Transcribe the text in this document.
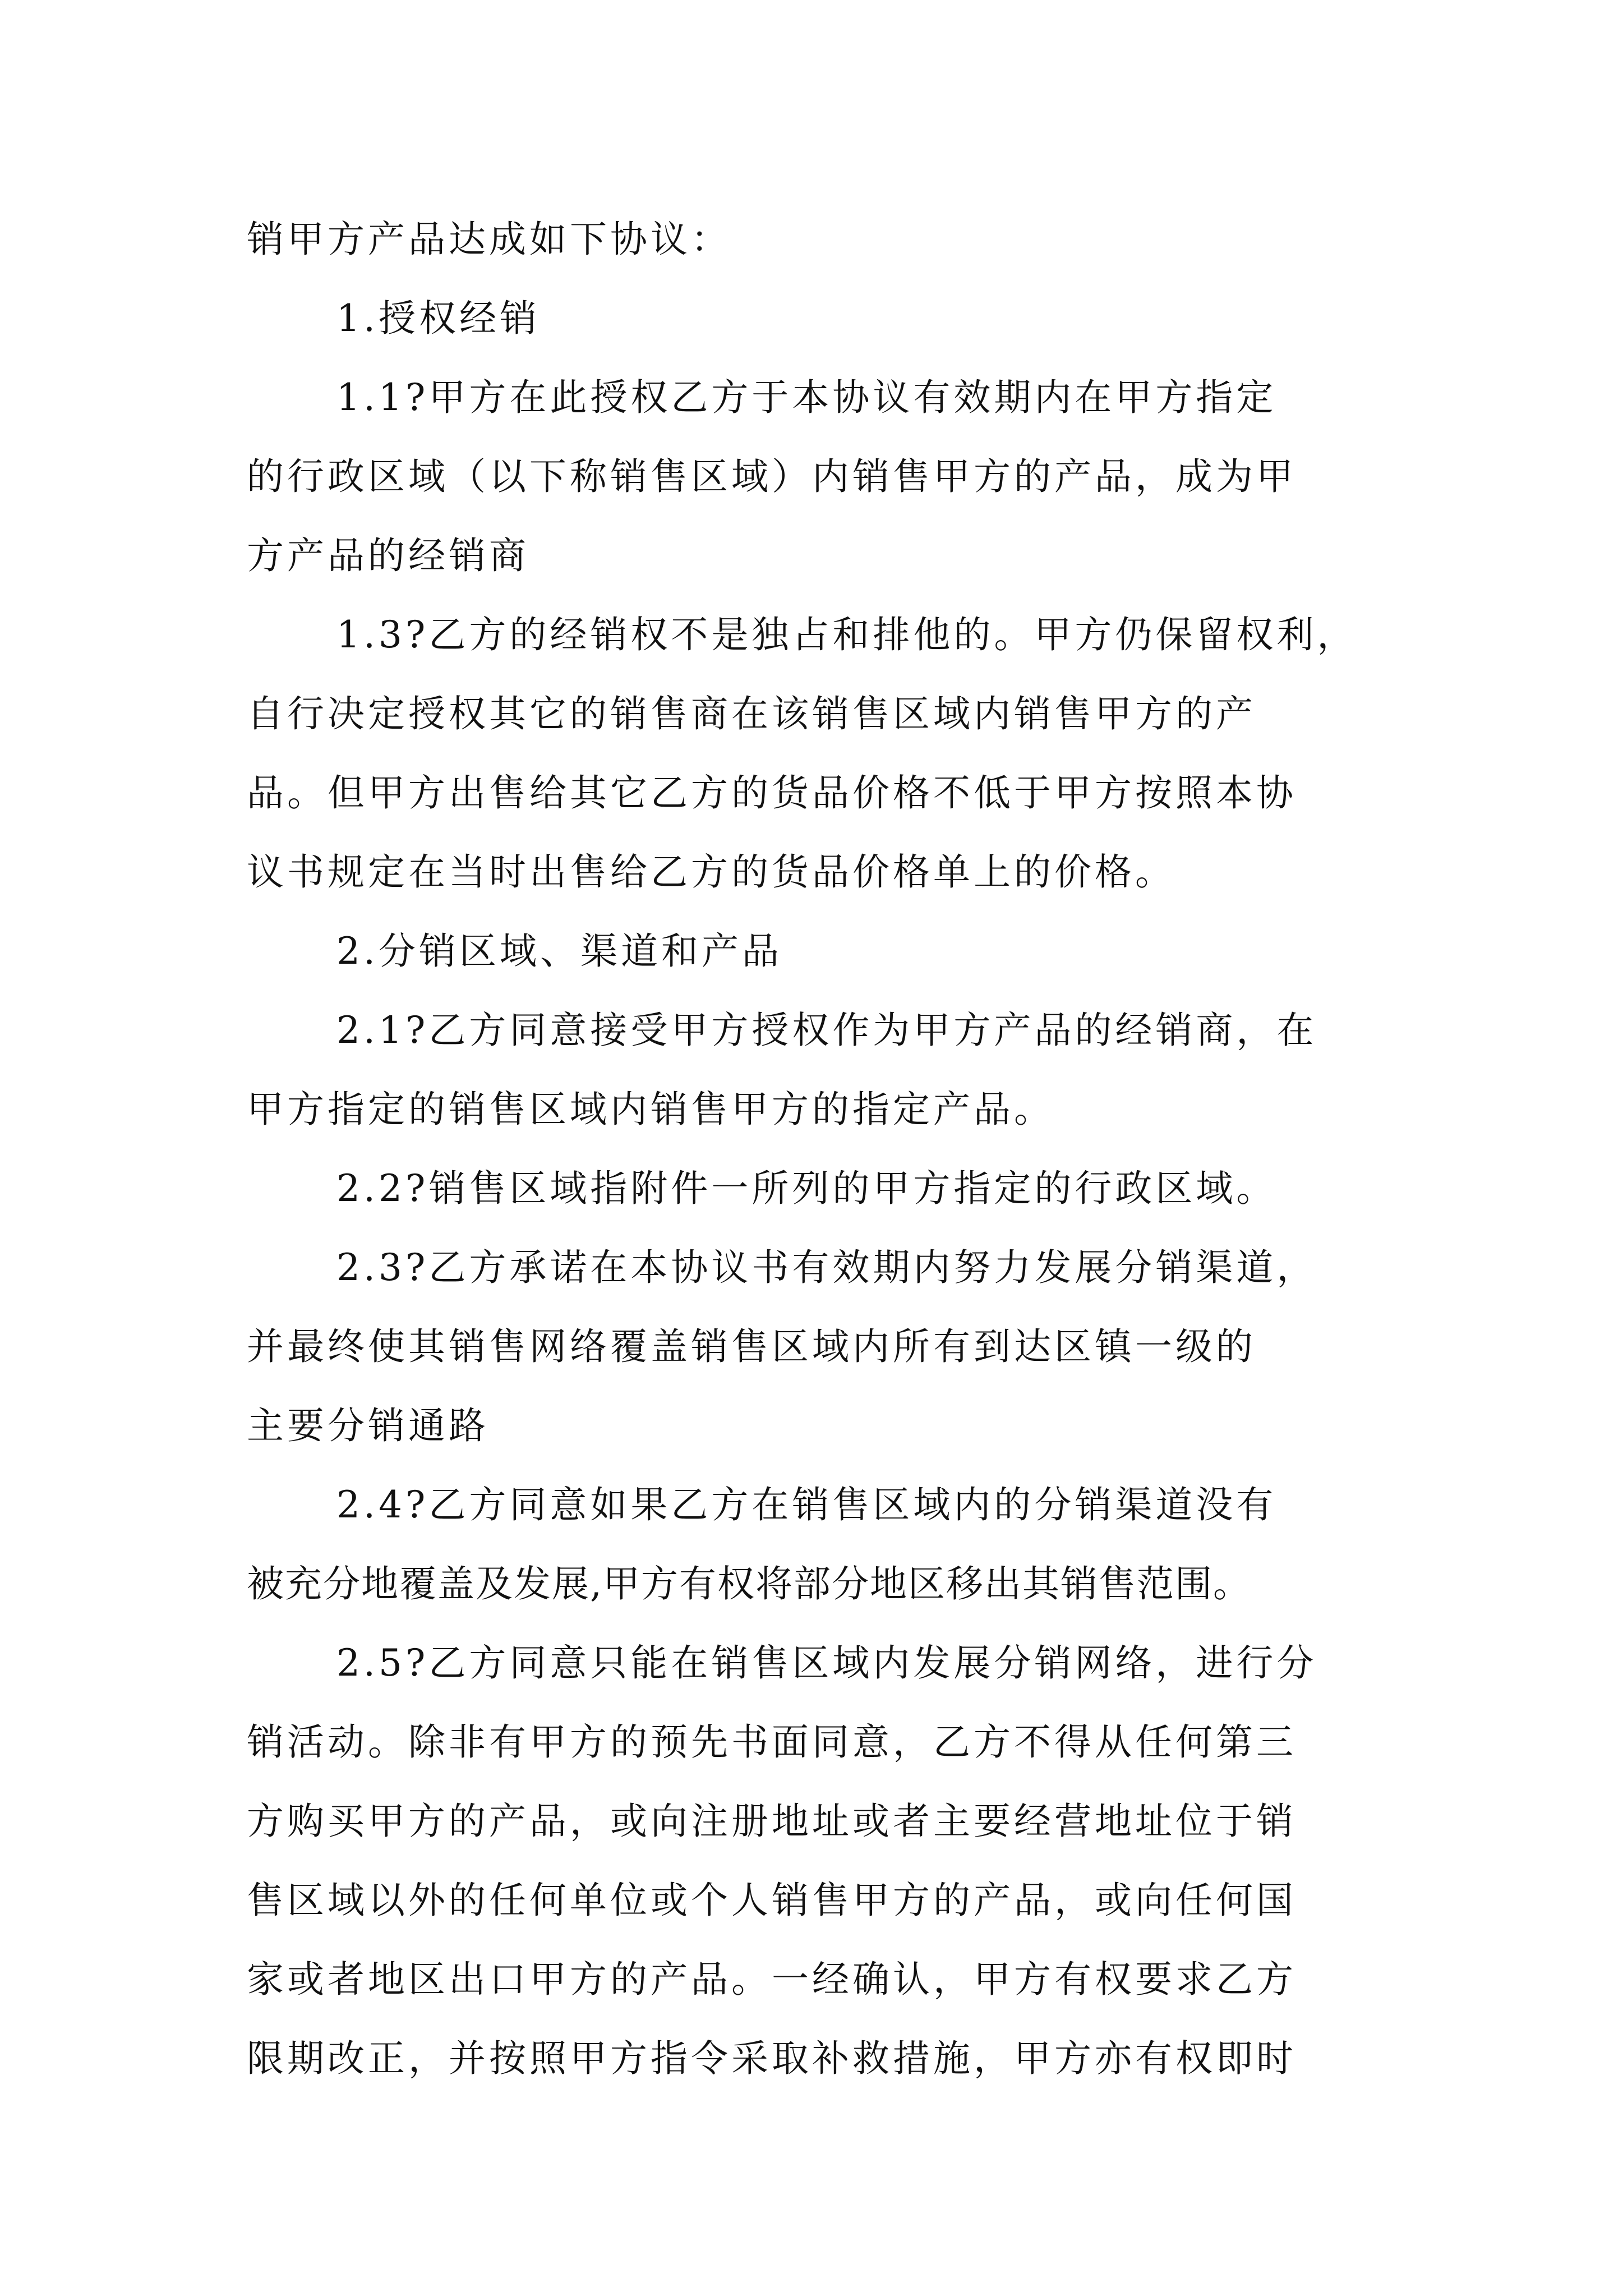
销甲方产品达成如下协议：
1.授权经销
1.1?甲方在此授权乙方于本协议有效期内在甲方指定
的行政区域（以下称销售区域）内销售甲方的产品，成为甲
方产品的经销商
1.3?乙方的经销权不是独占和排他的。甲方仍保留权利，
自行决定授权其它的销售商在该销售区域内销售甲方的产
品。但甲方出售给其它乙方的货品价格不低于甲方按照本协
议书规定在当时出售给乙方的货品价格单上的价格。
2.分销区域、渠道和产品
2.1?乙方同意接受甲方授权作为甲方产品的经销商，在
甲方指定的销售区域内销售甲方的指定产品。
2.2?销售区域指附件一所列的甲方指定的行政区域。
2.3?乙方承诺在本协议书有效期内努力发展分销渠道，
并最终使其销售网络覆盖销售区域内所有到达区镇一级的
主要分销通路
2.4?乙方同意如果乙方在销售区域内的分销渠道没有
被充分地覆盖及发展,甲方有权将部分地区移出其销售范围。
2.5?乙方同意只能在销售区域内发展分销网络，进行分
销活动。除非有甲方的预先书面同意，乙方不得从任何第三
方购买甲方的产品，或向注册地址或者主要经营地址位于销
售区域以外的任何单位或个人销售甲方的产品，或向任何国
家或者地区出口甲方的产品。一经确认，甲方有权要求乙方
限期改正，并按照甲方指令采取补救措施，甲方亦有权即时
